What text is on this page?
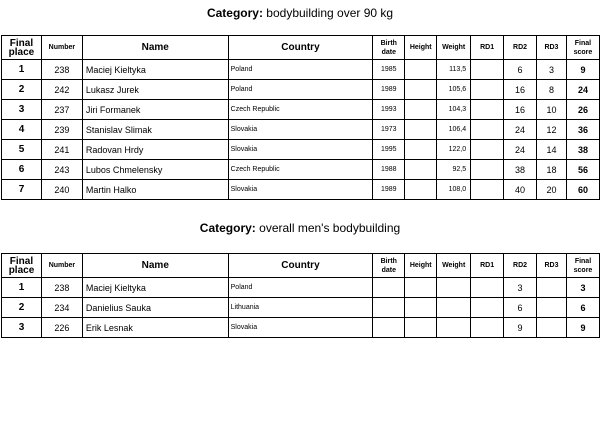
Category: bodybuilding over 90 kg
Final
place	Number	Name	Country	Birth
date	Height	Weight	RD1	RD2	RD3	Final
score
1	238	Maciej Kieltyka	Poland	1985		113,5		6	3	9
2	242	Lukasz Jurek	Poland	1989		105,6		16	8	24
3	237	Jiri Formanek	Czech Republic	1993		104,3		16	10	26
4	239	Stanislav Slimak	Slovakia	1973		106,4		24	12	36
5	241	Radovan Hrdy	Slovakia	1995		122,0		24	14	38
6	243	Lubos Chmelensky	Czech Republic	1988		92,5		38	18	56
7	240	Martin Halko	Slovakia	1989		108,0		40	20	60
Category: overall men's bodybuilding
Final
place	Number	Name	Country	Birth
date	Height	Weight	RD1	RD2	RD3	Final
score
1	238	Maciej Kieltyka	Poland					3		3
2	234	Danielius Sauka	Lithuania					6		6
3	226	Erik Lesnak	Slovakia					9		9
